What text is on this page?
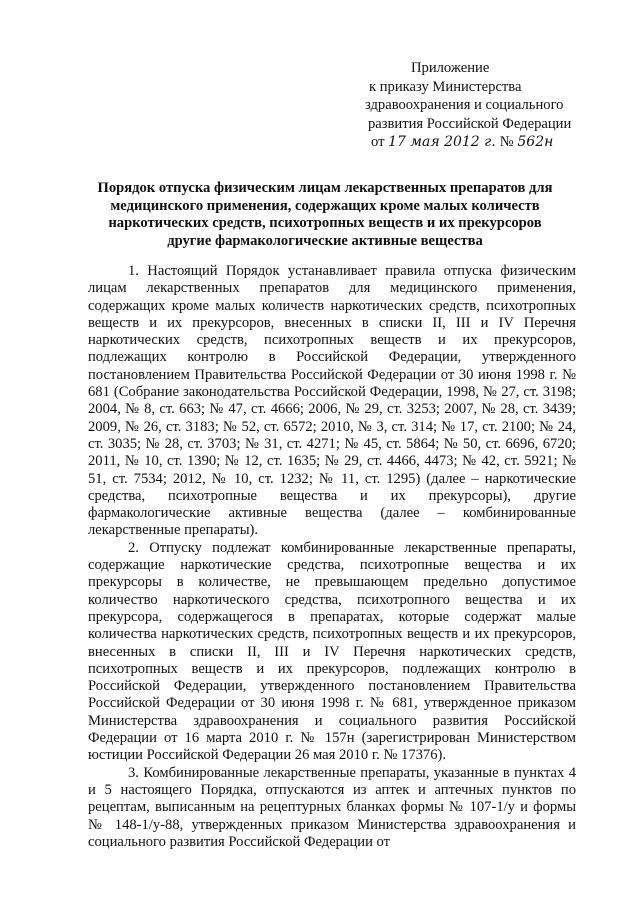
Приложение
к приказу Министерства
здравоохранения и социального
развития Российской Федерации
от 17 мая 2012 г. № 562н
Порядок отпуска физическим лицам лекарственных препаратов для медицинского применения, содержащих кроме малых количеств наркотических средств, психотропных веществ и их прекурсоров другие фармакологические активные вещества

1. Настоящий Порядок устанавливает правила отпуска физическим лицам лекарственных препаратов для медицинского применения, содержащих кроме малых количеств наркотических средств, психотропных веществ и их прекурсоров, внесенных в списки II, III и IV Перечня наркотических средств, психотропных веществ и их прекурсоров, подлежащих контролю в Российской Федерации, утвержденного постановлением Правительства Российской Федерации от 30 июня 1998 г. № 681 (Собрание законодательства Российской Федерации, 1998, № 27, ст. 3198; 2004, № 8, ст. 663; № 47, ст. 4666; 2006, № 29, ст. 3253; 2007, № 28, ст. 3439; 2009, № 26, ст. 3183; № 52, ст. 6572; 2010, № 3, ст. 314; № 17, ст. 2100; № 24, ст. 3035; № 28, ст. 3703; № 31, ст. 4271; № 45, ст. 5864; № 50, ст. 6696, 6720; 2011, № 10, ст. 1390; № 12, ст. 1635; № 29, ст. 4466, 4473; № 42, ст. 5921; № 51, ст. 7534; 2012, № 10, ст. 1232; № 11, ст. 1295) (далее – наркотические средства, психотропные вещества и их прекурсоры), другие фармакологические активные вещества (далее – комбинированные лекарственные препараты).

2. Отпуску подлежат комбинированные лекарственные препараты, содержащие наркотические средства, психотропные вещества и их прекурсоры в количестве, не превышающем предельно допустимое количество наркотического средства, психотропного вещества и их прекурсора, содержащегося в препаратах, которые содержат малые количества наркотических средств, психотропных веществ и их прекурсоров, внесенных в списки II, III и IV Перечня наркотических средств, психотропных веществ и их прекурсоров, подлежащих контролю в Российской Федерации, утвержденного постановлением Правительства Российской Федерации от 30 июня 1998 г. № 681, утвержденное приказом Министерства здравоохранения и социального развития Российской Федерации от 16 марта 2010 г. № 157н (зарегистрирован Министерством юстиции Российской Федерации 26 мая 2010 г. № 17376).

3. Комбинированные лекарственные препараты, указанные в пунктах 4 и 5 настоящего Порядка, отпускаются из аптек и аптечных пунктов по рецептам, выписанным на рецептурных бланках формы № 107-1/у и формы № 148-1/у-88, утвержденных приказом Министерства здравоохранения и социального развития Российской Федерации от
